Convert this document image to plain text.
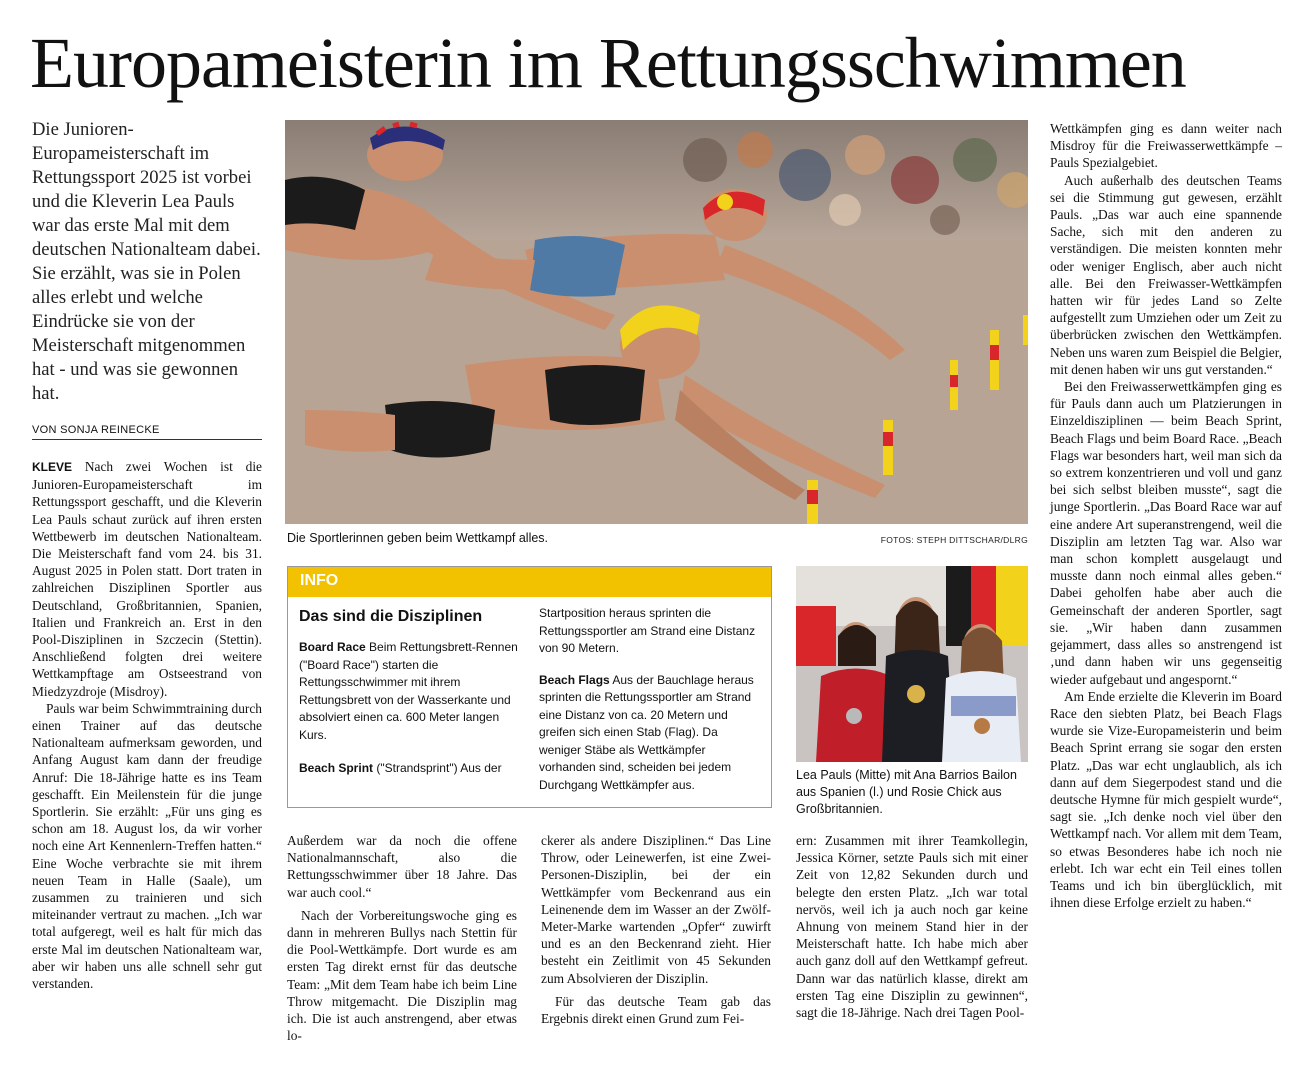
Europameisterin im Rettungsschwimmen
Die Junioren-Europameisterschaft im Rettungssport 2025 ist vorbei und die Kleverin Lea Pauls war das erste Mal mit dem deutschen Nationalteam dabei. Sie erzählt, was sie in Polen alles erlebt und welche Eindrücke sie von der Meisterschaft mitgenommen hat - und was sie gewonnen hat.
VON SONJA REINECKE

KLEVE Nach zwei Wochen ist die Junioren-Europameisterschaft im Rettungssport geschafft, und die Kleverin Lea Pauls schaut zurück auf ihren ersten Wettbewerb im deutschen Nationalteam. Die Meisterschaft fand vom 24. bis 31. August 2025 in Polen statt. Dort traten in zahlreichen Disziplinen Sportler aus Deutschland, Großbritannien, Spanien, Italien und Frankreich an. Erst in den Pool-Disziplinen in Szczecin (Stettin). Anschließend folgten drei weitere Wettkampftage am Ostseestrand von Miedzyzdroje (Misdroy).

Pauls war beim Schwimmtraining durch einen Trainer auf das deutsche Nationalteam aufmerksam geworden, und Anfang August kam dann der freudige Anruf: Die 18-Jährige hatte es ins Team geschafft. Ein Meilenstein für die junge Sportlerin. Sie erzählt: „Für uns ging es schon am 18. August los, da wir vorher noch eine Art Kennenlern-Treffen hatten.“ Eine Woche verbrachte sie mit ihrem neuen Team in Halle (Saale), um zusammen zu trainieren und sich miteinander vertraut zu machen. „Ich war total aufgeregt, weil es halt für mich das erste Mal im deutschen Nationalteam war, aber wir haben uns alle schnell sehr gut verstanden.

Die Sportlerinnen geben beim Wettkampf alles.	FOTOS: STEPH DITTSCHAR/DLRG
INFO
Das sind die Disziplinen
Board Race Beim Rettungsbrett-Rennen ("Board Race") starten die Rettungsschwimmer mit ihrem Rettungsbrett von der Wasserkante und absolviert einen ca. 600 Meter langen Kurs.
Beach Sprint ("Strandsprint") Aus der
Startposition heraus sprinten die Rettungssportler am Strand eine Distanz von 90 Metern.
Beach Flags Aus der Bauchlage heraus sprinten die Rettungssportler am Strand eine Distanz von ca. 20 Metern und greifen sich einen Stab (Flag). Da weniger Stäbe als Wettkämpfer vorhanden sind, scheiden bei jedem Durchgang Wettkämpfer aus.
Lea Pauls (Mitte) mit Ana Barrios Bailon aus Spanien (l.) und Rosie Chick aus Großbritannien.

Außerdem war da noch die offene Nationalmannschaft, also die Rettungsschwimmer über 18 Jahre. Das war auch cool.“

Nach der Vorbereitungswoche ging es dann in mehreren Bullys nach Stettin für die Pool-Wettkämpfe. Dort wurde es am ersten Tag direkt ernst für das deutsche Team: „Mit dem Team habe ich beim Line Throw mitgemacht. Die Disziplin mag ich. Die ist auch anstrengend, aber etwas lo-

ckerer als andere Disziplinen.“ Das Line Throw, oder Leinewerfen, ist eine Zwei-Personen-Disziplin, bei der ein Wettkämpfer vom Beckenrand aus ein Leinenende dem im Wasser an der Zwölf-Meter-Marke wartenden „Opfer“ zuwirft und es an den Beckenrand zieht. Hier besteht ein Zeitlimit von 45 Sekunden zum Absolvieren der Disziplin.

Für das deutsche Team gab das Ergebnis direkt einen Grund zum Fei-

ern: Zusammen mit ihrer Teamkollegin, Jessica Körner, setzte Pauls sich mit einer Zeit von 12,82 Sekunden durch und belegte den ersten Platz. „Ich war total nervös, weil ich ja auch noch gar keine Ahnung von meinem Stand hier in der Meisterschaft hatte. Ich habe mich aber auch ganz doll auf den Wettkampf gefreut. Dann war das natürlich klasse, direkt am ersten Tag eine Disziplin zu gewinnen“, sagt die 18-Jährige. Nach drei Tagen Pool-

Wettkämpfen ging es dann weiter nach Misdroy für die Freiwasserwettkämpfe – Pauls Spezialgebiet.

Auch außerhalb des deutschen Teams sei die Stimmung gut gewesen, erzählt Pauls. „Das war auch eine spannende Sache, sich mit den anderen zu verständigen. Die meisten konnten mehr oder weniger Englisch, aber auch nicht alle. Bei den Freiwasser-Wettkämpfen hatten wir für jedes Land so Zelte aufgestellt zum Umziehen oder um Zeit zu überbrücken zwischen den Wettkämpfen. Neben uns waren zum Beispiel die Belgier, mit denen haben wir uns gut verstanden.“

Bei den Freiwasserwettkämpfen ging es für Pauls dann auch um Platzierungen in Einzeldisziplinen — beim Beach Sprint, Beach Flags und beim Board Race. „Beach Flags war besonders hart, weil man sich da so extrem konzentrieren und voll und ganz bei sich selbst bleiben musste“, sagt die junge Sportlerin. „Das Board Race war auf eine andere Art superanstrengend, weil die Disziplin am letzten Tag war. Also war man schon komplett ausgelaugt und musste dann noch einmal alles geben.“ Dabei geholfen habe aber auch die Gemeinschaft der anderen Sportler, sagt sie. „Wir haben dann zusammen gejammert, dass alles so anstrengend ist ‚und dann haben wir uns gegenseitig wieder aufgebaut und angespornt.“

Am Ende erzielte die Kleverin im Board Race den siebten Platz, bei Beach Flags wurde sie Vize-Europameisterin und beim Beach Sprint errang sie sogar den ersten Platz. „Das war echt unglaublich, als ich dann auf dem Siegerpodest stand und die deutsche Hymne für mich gespielt wurde“, sagt sie. „Ich denke noch viel über den Wettkampf nach. Vor allem mit dem Team, so etwas Besonderes habe ich noch nie erlebt. Ich war echt ein Teil eines tollen Teams und ich bin überglücklich, mit ihnen diese Erfolge erzielt zu haben.“
